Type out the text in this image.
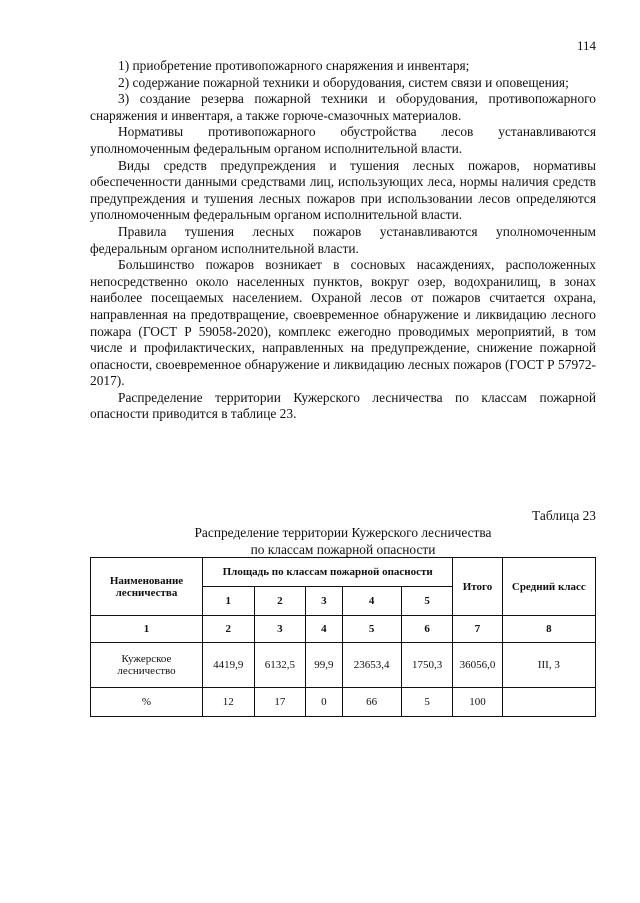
114

1) приобретение противопожарного снаряжения и инвентаря;

2) содержание пожарной техники и оборудования, систем связи и оповещения;

3) создание резерва пожарной техники и оборудования, противопожарного снаряжения и инвентаря, а также горюче-смазочных материалов.

Нормативы противопожарного обустройства лесов устанавливаются уполномоченным федеральным органом исполнительной власти.

Виды средств предупреждения и тушения лесных пожаров, нормативы обеспеченности данными средствами лиц, использующих леса, нормы наличия средств предупреждения и тушения лесных пожаров при использовании лесов определяются уполномоченным федеральным органом исполнительной власти.

Правила тушения лесных пожаров устанавливаются уполномоченным федеральным органом исполнительной власти.

Большинство пожаров возникает в сосновых насаждениях, расположенных непосредственно около населенных пунктов, вокруг озер, водохранилищ, в зонах наиболее посещаемых населением. Охраной лесов от пожаров считается охрана, направленная на предотвращение, своевременное обнаружение и ликвидацию лесного пожара (ГОСТ Р 59058-2020), комплекс ежегодно проводимых мероприятий, в том числе и профилактических, направленных на предупреждение, снижение пожарной опасности, своевременное обнаружение и ликвидацию лесных пожаров (ГОСТ Р 57972-2017).

Распределение территории Кужерского лесничества по классам пожарной опасности приводится в таблице 23.

Таблица 23
Распределение территории Кужерского лесничества
по классам пожарной опасности
Наименование лесничества	Площадь по классам пожарной опасности					Итого	Средний класс
	1	2	3	4	5		
1	2	3	4	5	6	7	8
Кужерское лесничество	4419,9	6132,5	99,9	23653,4	1750,3	36056,0	III, 3
%	12	17	0	66	5	100	
